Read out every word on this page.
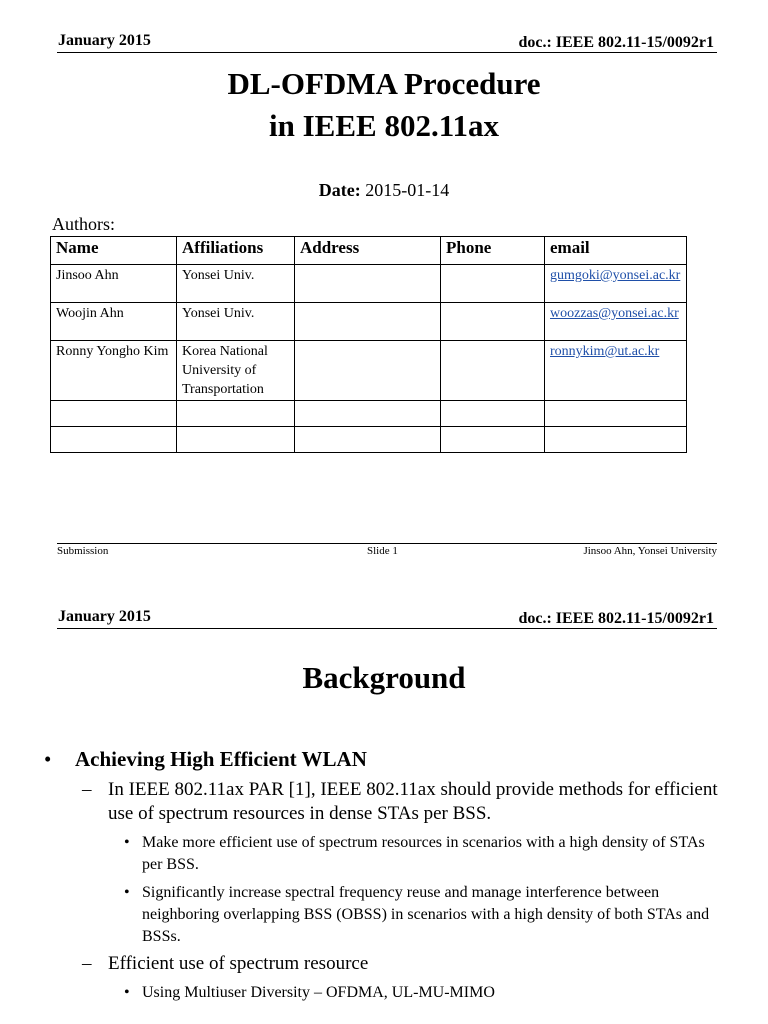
January 2015	doc.: IEEE 802.11-15/0092r1
DL-OFDMA Procedure
in IEEE 802.11ax
Date: 2015-01-14
Authors:
Name	Affiliations	Address	Phone	email
Jinsoo Ahn	Yonsei Univ.			gumgoki@yonsei.ac.kr
Woojin Ahn	Yonsei Univ.			woozzas@yonsei.ac.kr
Ronny Yongho Kim	Korea National University of Transportation			ronnykim@ut.ac.kr

Submission	Slide 1	Jinsoo Ahn, Yonsei University
January 2015	doc.: IEEE 802.11-15/0092r1
Background
• Achieving High Efficient WLAN
– In IEEE 802.11ax PAR [1], IEEE 802.11ax should provide methods for efficient use of spectrum resources in dense STAs per BSS.
• Make more efficient use of spectrum resources in scenarios with a high density of STAs per BSS.
• Significantly increase spectral frequency reuse and manage interference between neighboring overlapping BSS (OBSS) in scenarios with a high density of both STAs and BSSs.
– Efficient use of spectrum resource
• Using Multiuser Diversity – OFDMA, UL-MU-MIMO
